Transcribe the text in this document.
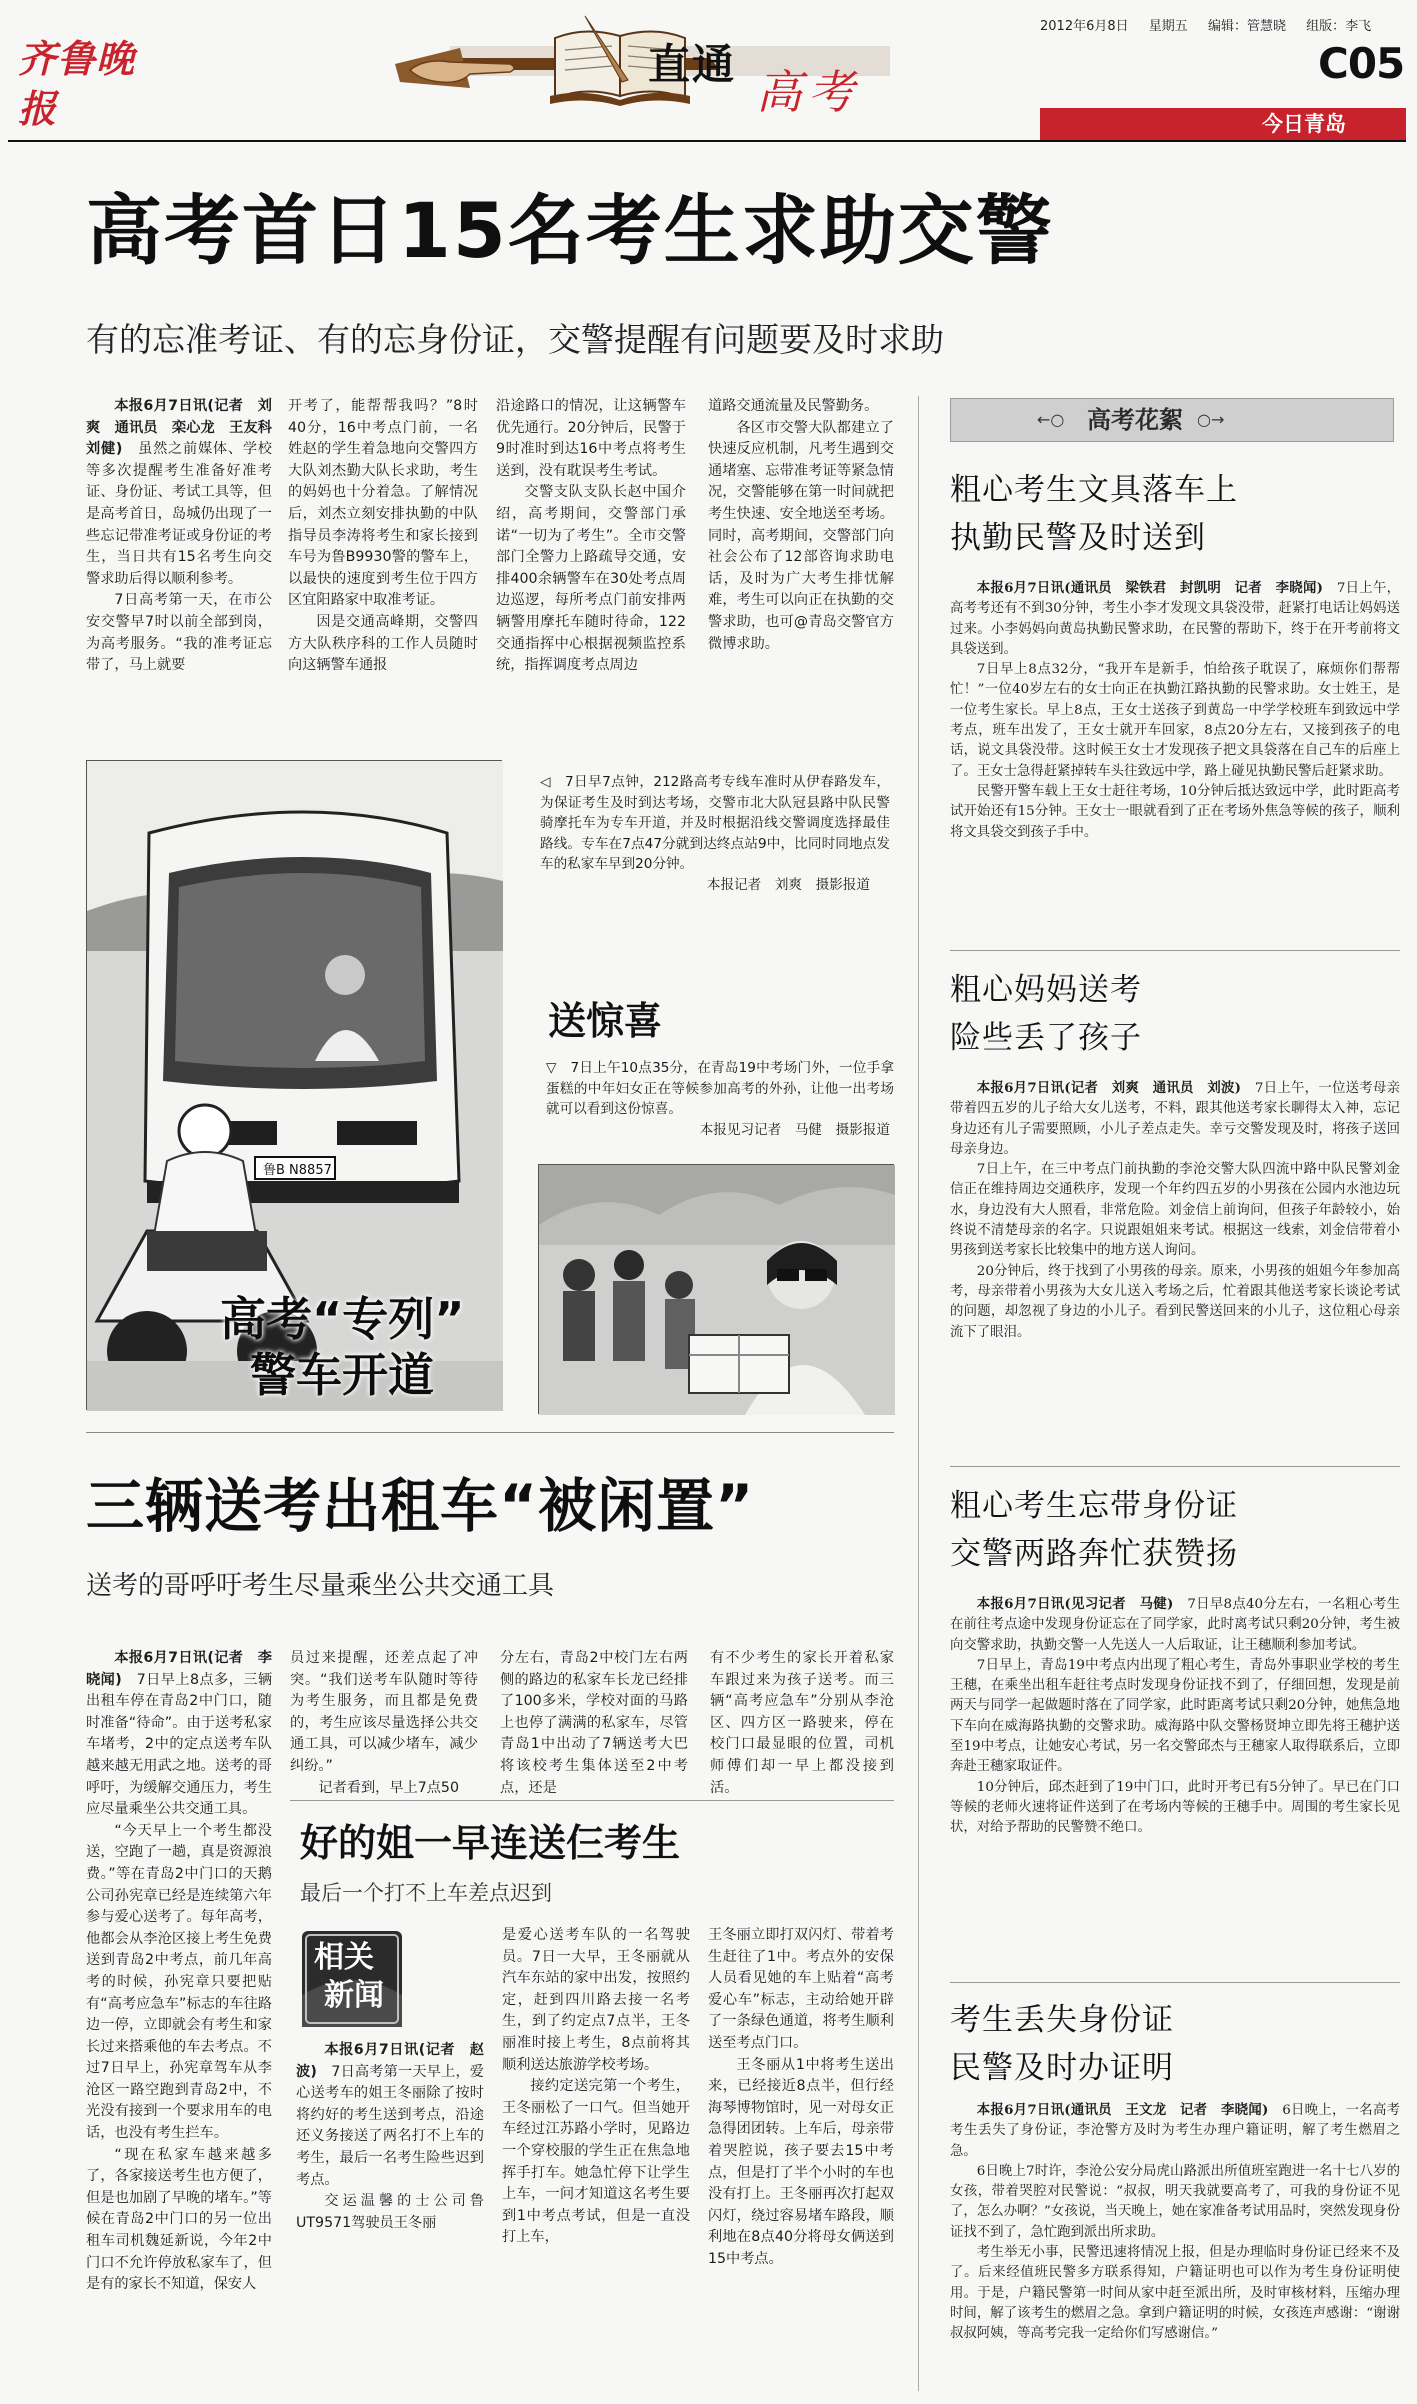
齐鲁晚报
直通
高考
2012年6月8日 星期五 编辑：管慧晓 组版：李飞
C05
今日青岛
高考首日15名考生求助交警
有的忘准考证、有的忘身份证，交警提醒有问题要及时求助

本报6月7日讯(记者　刘爽　通讯员　栾心龙　王友科　刘健)　虽然之前媒体、学校等多次提醒考生准备好准考证、身份证、考试工具等，但是高考首日，岛城仍出现了一些忘记带准考证或身份证的考生，当日共有15名考生向交警求助后得以顺利参考。

7日高考第一天，在市公安交警早7时以前全部到岗，为高考服务。“我的准考证忘带了，马上就要

开考了，能帮帮我吗？”8时40分，16中考点门前，一名姓赵的学生着急地向交警四方大队刘杰勤大队长求助，考生的妈妈也十分着急。了解情况后，刘杰立刻安排执勤的中队指导员李涛将考生和家长接到车号为鲁B9930警的警车上，以最快的速度到考生位于四方区宜阳路家中取准考证。

因是交通高峰期，交警四方大队秩序科的工作人员随时向这辆警车通报

沿途路口的情况，让这辆警车优先通行。20分钟后，民警于9时准时到达16中考点将考生送到，没有耽误考生考试。

交警支队支队长赵中国介绍，高考期间，交警部门承诺“一切为了考生”。全市交警部门全警力上路疏导交通，安排400余辆警车在30处考点周边巡逻，每所考点门前安排两辆警用摩托车随时待命，122交通指挥中心根据视频监控系统，指挥调度考点周边

道路交通流量及民警勤务。

各区市交警大队都建立了快速反应机制，凡考生遇到交通堵塞、忘带准考证等紧急情况，交警能够在第一时间就把考生快速、安全地送至考场。同时，高考期间，交警部门向社会公布了12部咨询求助电话，及时为广大考生排忧解难，考生可以向正在执勤的交警求助，也可@青岛交警官方微博求助。

鲁B N8857
高考“专列”
警车开道
◁　7日早7点钟，212路高考专线车准时从伊春路发车，为保证考生及时到达考场，交警市北大队冠县路中队民警骑摩托车为专车开道，并及时根据沿线交警调度选择最佳路线。专车在7点47分就到达终点站9中，比同时同地点发车的私家车早到20分钟。
本报记者　刘爽　摄影报道
送惊喜
▽　7日上午10点35分，在青岛19中考场门外，一位手拿蛋糕的中年妇女正在等候参加高考的外孙，让他一出考场就可以看到这份惊喜。
本报见习记者　马健　摄影报道
三辆送考出租车“被闲置”
送考的哥呼吁考生尽量乘坐公共交通工具

本报6月7日讯(记者　李晓闻)　7日早上8点多，三辆出租车停在青岛2中门口，随时准备“待命”。由于送考私家车堵考，2中的定点送考车队越来越无用武之地。送考的哥呼吁，为缓解交通压力，考生应尽量乘坐公共交通工具。

“今天早上一个考生都没送，空跑了一趟，真是资源浪费。”等在青岛2中门口的天鹅公司孙宪章已经是连续第六年参与爱心送考了。每年高考，他都会从李沧区接上考生免费送到青岛2中考点，前几年高考的时候，孙宪章只要把贴有“高考应急车”标志的车往路边一停，立即就会有考生和家长过来搭乘他的车去考点。不过7日早上，孙宪章驾车从李沧区一路空跑到青岛2中，不光没有接到一个要求用车的电话，也没有考生拦车。

“现在私家车越来越多了，各家接送考生也方便了，但是也加剧了早晚的堵车。”等候在青岛2中门口的另一位出租车司机魏延新说，今年2中门口不允许停放私家车了，但是有的家长不知道，保安人

员过来提醒，还差点起了冲突。“我们送考车队随时等待为考生服务，而且都是免费的，考生应该尽量选择公共交通工具，可以减少堵车，减少纠纷。”

记者看到，早上7点50

分左右，青岛2中校门左右两侧的路边的私家车长龙已经排了100多米，学校对面的马路上也停了满满的私家车，尽管青岛1中出动了7辆送考大巴将该校考生集体送至2中考点，还是

有不少考生的家长开着私家车跟过来为孩子送考。而三辆“高考应急车”分别从李沧区、四方区一路驶来，停在校门口最显眼的位置，司机师傅们却一早上都没接到活。

好的姐一早连送仨考生
最后一个打不上车差点迟到
相关
新闻

本报6月7日讯(记者　赵波)　7日高考第一天早上，爱心送考车的姐王冬丽除了按时将约好的考生送到考点，沿途还义务接送了两名打不上车的考生，最后一名考生险些迟到考点。

交运温馨的士公司鲁UT9571驾驶员王冬丽

是爱心送考车队的一名驾驶员。7日一大早，王冬丽就从汽车东站的家中出发，按照约定，赶到四川路去接一名考生，到了约定点7点半，王冬丽准时接上考生，8点前将其顺利送达旅游学校考场。

接约定送完第一个考生，王冬丽松了一口气。但当她开车经过江苏路小学时，见路边一个穿校服的学生正在焦急地挥手打车。她急忙停下让学生上车，一问才知道这名考生要到1中考点考试，但是一直没打上车，

王冬丽立即打双闪灯、带着考生赶往了1中。考点外的安保人员看见她的车上贴着“高考爱心车”标志，主动给她开辟了一条绿色通道，将考生顺利送至考点门口。

王冬丽从1中将考生送出来，已经接近8点半，但行经海琴博物馆时，见一对母女正急得团团转。上车后，母亲带着哭腔说，孩子要去15中考点，但是打了半个小时的车也没有打上。王冬丽再次打起双闪灯，绕过容易堵车路段，顺利地在8点40分将母女俩送到15中考点。

←○ 高考花絮 ○→
粗心考生文具落车上
执勤民警及时送到

本报6月7日讯(通讯员　梁铁君　封凯明　记者　李晓闻)　7日上午，高考考还有不到30分钟，考生小李才发现文具袋没带，赶紧打电话让妈妈送过来。小李妈妈向黄岛执勤民警求助，在民警的帮助下，终于在开考前将文具袋送到。

7日早上8点32分，“我开车是新手，怕给孩子耽误了，麻烦你们帮帮忙！”一位40岁左右的女士向正在执勤江路执勤的民警求助。女士姓王，是一位考生家长。早上8点，王女士送孩子到黄岛一中学学校班车到致远中学考点，班车出发了，王女士就开车回家，8点20分左右，又接到孩子的电话，说文具袋没带。这时候王女士才发现孩子把文具袋落在自己车的后座上了。王女士急得赶紧掉转车头往致远中学，路上碰见执勤民警后赶紧求助。

民警开警车载上王女士赶往考场，10分钟后抵达致远中学，此时距高考试开始还有15分钟。王女士一眼就看到了正在考场外焦急等候的孩子，顺利将文具袋交到孩子手中。

粗心妈妈送考
险些丢了孩子

本报6月7日讯(记者　刘爽　通讯员　刘波)　7日上午，一位送考母亲带着四五岁的儿子给大女儿送考，不料，跟其他送考家长聊得太入神，忘记身边还有儿子需要照顾，小儿子差点走失。幸亏交警发现及时，将孩子送回母亲身边。

7日上午，在三中考点门前执勤的李沧交警大队四流中路中队民警刘金信正在维持周边交通秩序，发现一个年约四五岁的小男孩在公园内水池边玩水，身边没有大人照看，非常危险。刘金信上前询问，但孩子年龄较小，始终说不清楚母亲的名字。只说跟姐姐来考试。根据这一线索，刘金信带着小男孩到送考家长比较集中的地方送人询问。

20分钟后，终于找到了小男孩的母亲。原来，小男孩的姐姐今年参加高考，母亲带着小男孩为大女儿送入考场之后，忙着跟其他送考家长谈论考试的问题，却忽视了身边的小儿子。看到民警送回来的小儿子，这位粗心母亲流下了眼泪。

粗心考生忘带身份证
交警两路奔忙获赞扬

本报6月7日讯(见习记者　马健)　7日早8点40分左右，一名粗心考生在前往考点途中发现身份证忘在了同学家，此时离考试只剩20分钟，考生被向交警求助，执勤交警一人先送人一人后取证，让王穗顺利参加考试。

7日早上，青岛19中考点内出现了粗心考生，青岛外事职业学校的考生王穗，在乘坐出租车赶往考点时发现身份证找不到了，仔细回想，发现是前两天与同学一起做题时落在了同学家，此时距离考试只剩20分钟，她焦急地下车向在威海路执勤的交警求助。威海路中队交警杨贤坤立即先将王穗护送至19中考点，让她安心考试，另一名交警邱杰与王穗家人取得联系后，立即奔赴王穗家取证件。

10分钟后，邱杰赶到了19中门口，此时开考已有5分钟了。早已在门口等候的老师火速将证件送到了在考场内等候的王穗手中。周围的考生家长见状，对给予帮助的民警赞不绝口。

考生丢失身份证
民警及时办证明

本报6月7日讯(通讯员　王文龙　记者　李晓闻)　6日晚上，一名高考考生丢失了身份证，李沧警方及时为考生办理户籍证明，解了考生燃眉之急。

6日晚上7时许，李沧公安分局虎山路派出所值班室跑进一名十七八岁的女孩，带着哭腔对民警说：“叔叔，明天我就要高考了，可我的身份证不见了，怎么办啊？”女孩说，当天晚上，她在家准备考试用品时，突然发现身份证找不到了，急忙跑到派出所求助。

考生举无小事，民警迅速将情况上报，但是办理临时身份证已经来不及了。后来经值班民警多方联系得知，户籍证明也可以作为考生身份证明使用。于是，户籍民警第一时间从家中赶至派出所，及时审核材料，压缩办理时间，解了该考生的燃眉之急。拿到户籍证明的时候，女孩连声感谢：“谢谢叔叔阿姨，等高考完我一定给你们写感谢信。”
